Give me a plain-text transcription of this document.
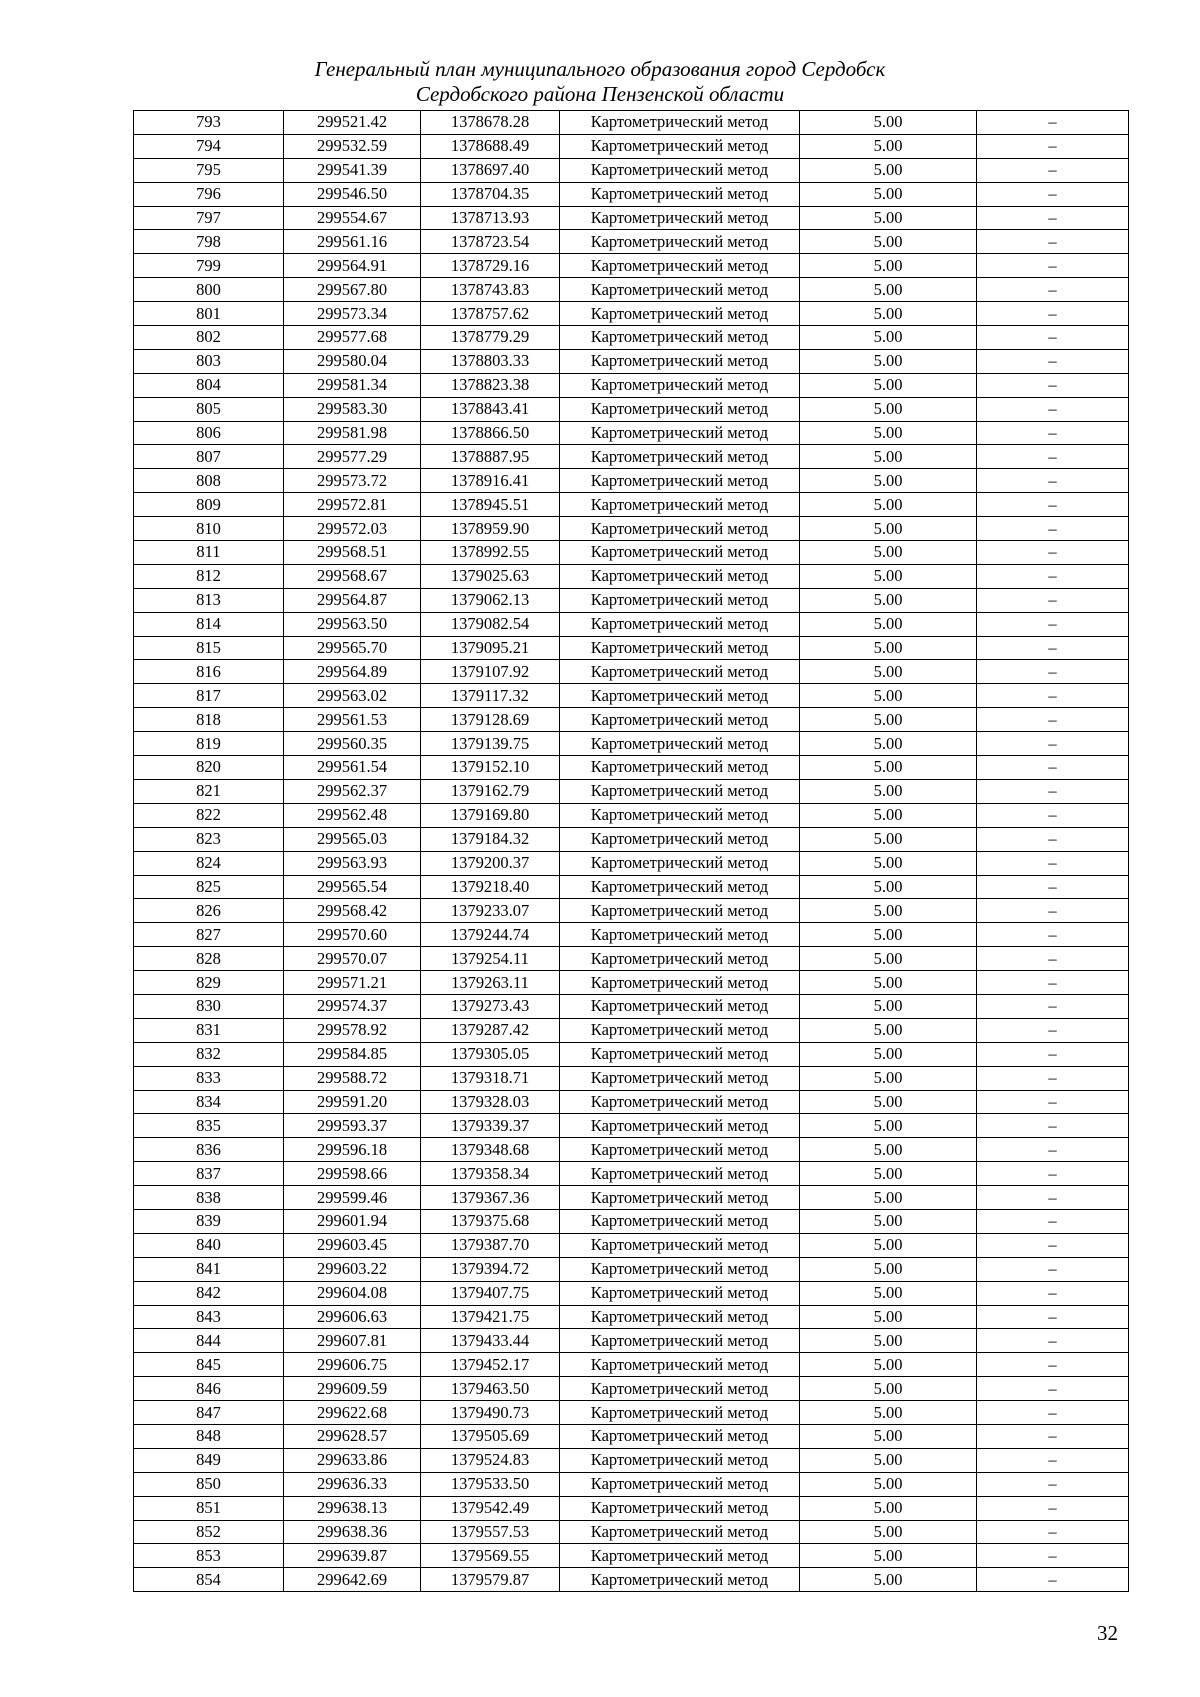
Генеральный план муниципального образования город Сердобск
Сердобского района Пензенской области
793	299521.42	1378678.28	Картометрический метод	5.00	–
794	299532.59	1378688.49	Картометрический метод	5.00	–
795	299541.39	1378697.40	Картометрический метод	5.00	–
796	299546.50	1378704.35	Картометрический метод	5.00	–
797	299554.67	1378713.93	Картометрический метод	5.00	–
798	299561.16	1378723.54	Картометрический метод	5.00	–
799	299564.91	1378729.16	Картометрический метод	5.00	–
800	299567.80	1378743.83	Картометрический метод	5.00	–
801	299573.34	1378757.62	Картометрический метод	5.00	–
802	299577.68	1378779.29	Картометрический метод	5.00	–
803	299580.04	1378803.33	Картометрический метод	5.00	–
804	299581.34	1378823.38	Картометрический метод	5.00	–
805	299583.30	1378843.41	Картометрический метод	5.00	–
806	299581.98	1378866.50	Картометрический метод	5.00	–
807	299577.29	1378887.95	Картометрический метод	5.00	–
808	299573.72	1378916.41	Картометрический метод	5.00	–
809	299572.81	1378945.51	Картометрический метод	5.00	–
810	299572.03	1378959.90	Картометрический метод	5.00	–
811	299568.51	1378992.55	Картометрический метод	5.00	–
812	299568.67	1379025.63	Картометрический метод	5.00	–
813	299564.87	1379062.13	Картометрический метод	5.00	–
814	299563.50	1379082.54	Картометрический метод	5.00	–
815	299565.70	1379095.21	Картометрический метод	5.00	–
816	299564.89	1379107.92	Картометрический метод	5.00	–
817	299563.02	1379117.32	Картометрический метод	5.00	–
818	299561.53	1379128.69	Картометрический метод	5.00	–
819	299560.35	1379139.75	Картометрический метод	5.00	–
820	299561.54	1379152.10	Картометрический метод	5.00	–
821	299562.37	1379162.79	Картометрический метод	5.00	–
822	299562.48	1379169.80	Картометрический метод	5.00	–
823	299565.03	1379184.32	Картометрический метод	5.00	–
824	299563.93	1379200.37	Картометрический метод	5.00	–
825	299565.54	1379218.40	Картометрический метод	5.00	–
826	299568.42	1379233.07	Картометрический метод	5.00	–
827	299570.60	1379244.74	Картометрический метод	5.00	–
828	299570.07	1379254.11	Картометрический метод	5.00	–
829	299571.21	1379263.11	Картометрический метод	5.00	–
830	299574.37	1379273.43	Картометрический метод	5.00	–
831	299578.92	1379287.42	Картометрический метод	5.00	–
832	299584.85	1379305.05	Картометрический метод	5.00	–
833	299588.72	1379318.71	Картометрический метод	5.00	–
834	299591.20	1379328.03	Картометрический метод	5.00	–
835	299593.37	1379339.37	Картометрический метод	5.00	–
836	299596.18	1379348.68	Картометрический метод	5.00	–
837	299598.66	1379358.34	Картометрический метод	5.00	–
838	299599.46	1379367.36	Картометрический метод	5.00	–
839	299601.94	1379375.68	Картометрический метод	5.00	–
840	299603.45	1379387.70	Картометрический метод	5.00	–
841	299603.22	1379394.72	Картометрический метод	5.00	–
842	299604.08	1379407.75	Картометрический метод	5.00	–
843	299606.63	1379421.75	Картометрический метод	5.00	–
844	299607.81	1379433.44	Картометрический метод	5.00	–
845	299606.75	1379452.17	Картометрический метод	5.00	–
846	299609.59	1379463.50	Картометрический метод	5.00	–
847	299622.68	1379490.73	Картометрический метод	5.00	–
848	299628.57	1379505.69	Картометрический метод	5.00	–
849	299633.86	1379524.83	Картометрический метод	5.00	–
850	299636.33	1379533.50	Картометрический метод	5.00	–
851	299638.13	1379542.49	Картометрический метод	5.00	–
852	299638.36	1379557.53	Картометрический метод	5.00	–
853	299639.87	1379569.55	Картометрический метод	5.00	–
854	299642.69	1379579.87	Картометрический метод	5.00	–
32
